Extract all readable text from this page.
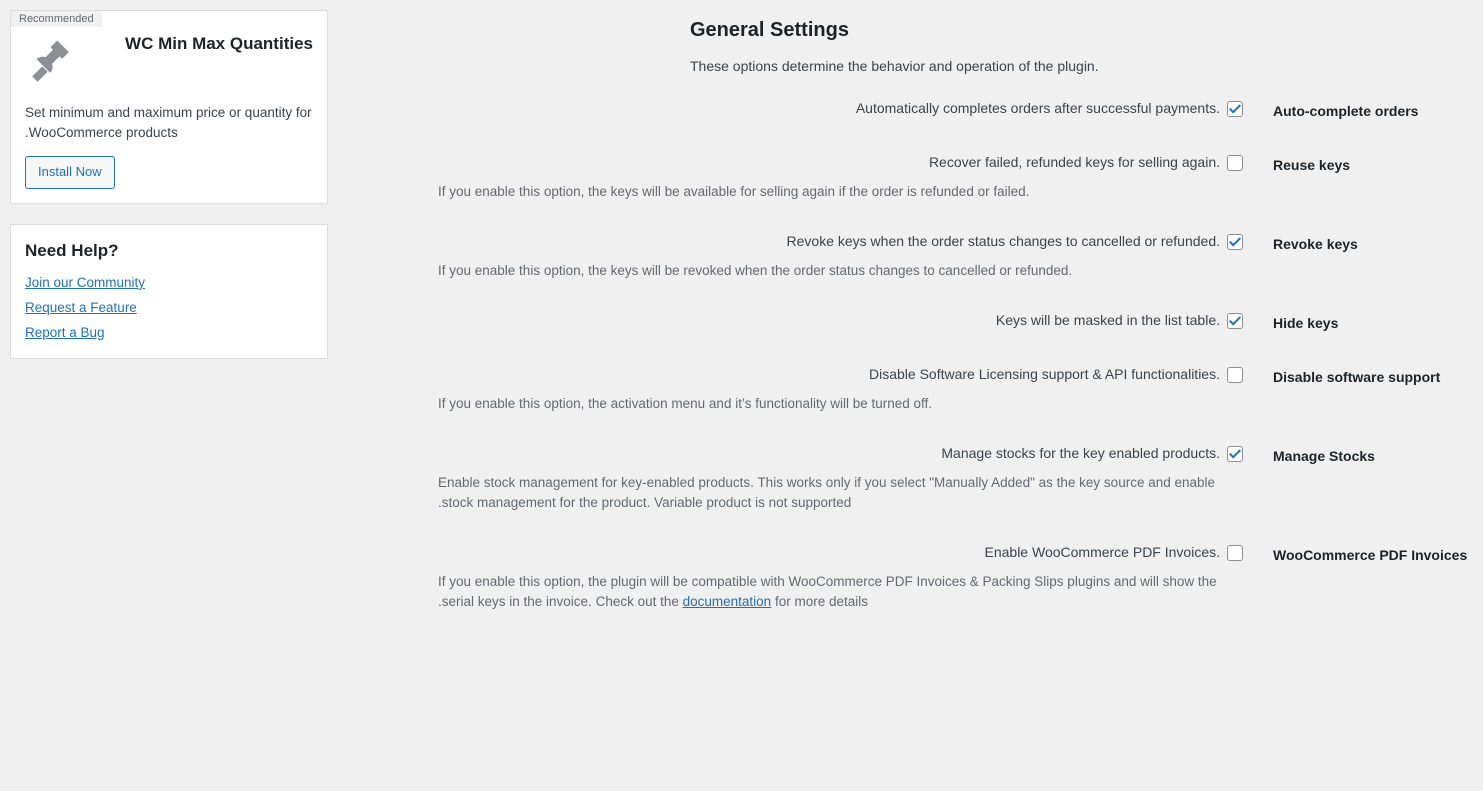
General Settings

.These options determine the behavior and operation of the plugin

Auto-complete orders	.Automatically completes orders after successful payments

Reuse keys	.Recover failed, refunded keys for selling again

.If you enable this option, the keys will be available for selling again if the order is refunded or failed

Revoke keys	.Revoke keys when the order status changes to cancelled or refunded

.If you enable this option, the keys will be revoked when the order status changes to cancelled or refunded

Hide keys	.Keys will be masked in the list table

Disable software support	.Disable Software Licensing support & API functionalities

.If you enable this option, the activation menu and it’s functionality will be turned off

Manage Stocks	.Manage stocks for the key enabled products

Enable stock management for key-enabled products. This works only if you select "Manually Added" as the key source and enable .stock management for the product. Variable product is not supported

WooCommerce PDF Invoices	.Enable WooCommerce PDF Invoices

If you enable this option, the plugin will be compatible with WooCommerce PDF Invoices & Packing Slips plugins and will show the .serial keys in the invoice. Check out the documentation for more details

Recommended
WC Min Max Quantities
Set minimum and maximum price or quantity for .WooCommerce products
Install Now
?Need Help
Join our Community
Request a Feature
Report a Bug
